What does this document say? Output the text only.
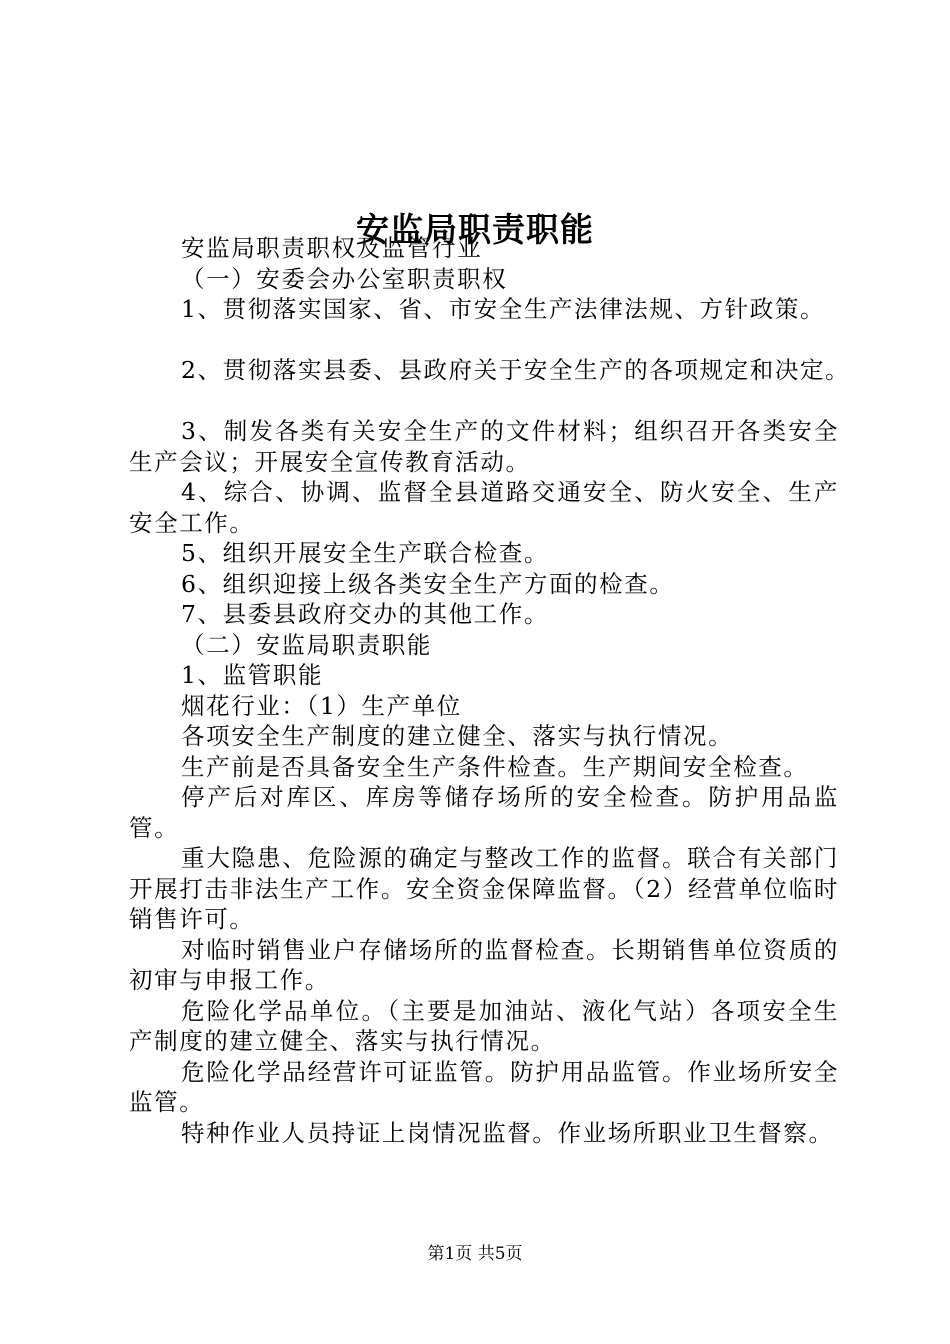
安监局职责职能

安监局职责职权及监管行业

（一）安委会办公室职责职权

1、贯彻落实国家、省、市安全生产法律法规、方针政策。

2、贯彻落实县委、县政府关于安全生产的各项规定和决定。

3、制发各类有关安全生产的文件材料；组织召开各类安全生产会议；开展安全宣传教育活动。

4、综合、协调、监督全县道路交通安全、防火安全、生产安全工作。

5、组织开展安全生产联合检查。

6、组织迎接上级各类安全生产方面的检查。

7、县委县政府交办的其他工作。

（二）安监局职责职能

1、监管职能

烟花行业：（1）生产单位

各项安全生产制度的建立健全、落实与执行情况。

生产前是否具备安全生产条件检查。生产期间安全检查。

停产后对库区、库房等储存场所的安全检查。防护用品监管。

重大隐患、危险源的确定与整改工作的监督。联合有关部门开展打击非法生产工作。安全资金保障监督。（2）经营单位临时销售许可。

对临时销售业户存储场所的监督检查。长期销售单位资质的初审与申报工作。

危险化学品单位。（主要是加油站、液化气站）各项安全生产制度的建立健全、落实与执行情况。

危险化学品经营许可证监管。防护用品监管。作业场所安全监管。

特种作业人员持证上岗情况监督。作业场所职业卫生督察。

第1页 共5页
